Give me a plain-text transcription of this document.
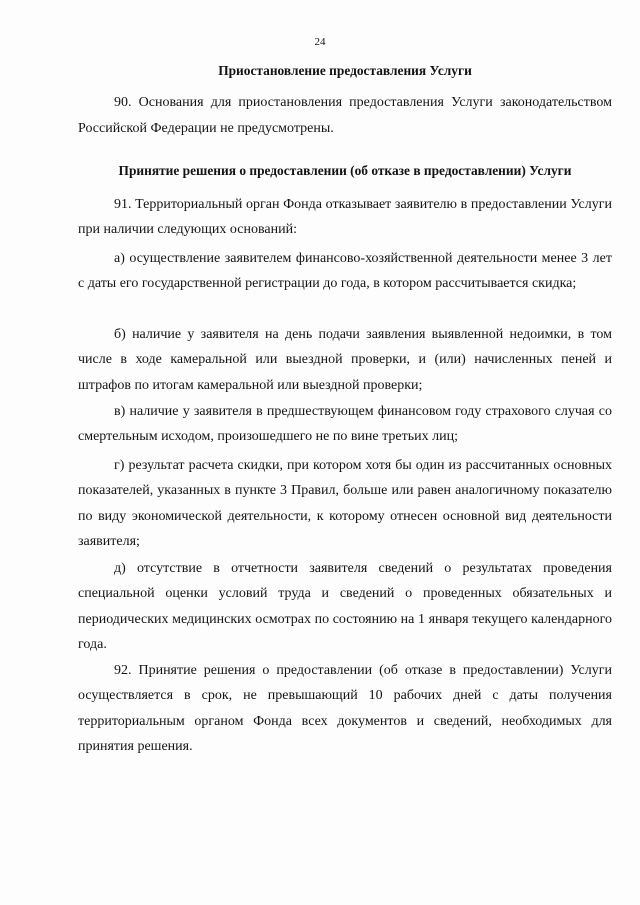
24
Приостановление предоставления Услуги
90. Основания для приостановления предоставления Услуги законодательством Российской Федерации не предусмотрены.
Принятие решения о предоставлении (об отказе в предоставлении) Услуги
91. Территориальный орган Фонда отказывает заявителю в предоставлении Услуги при наличии следующих оснований:
а) осуществление заявителем финансово-хозяйственной деятельности менее 3 лет с даты его государственной регистрации до года, в котором рассчитывается скидка;
б) наличие у заявителя на день подачи заявления выявленной недоимки, в том числе в ходе камеральной или выездной проверки, и (или) начисленных пеней и штрафов по итогам камеральной или выездной проверки;
в) наличие у заявителя в предшествующем финансовом году страхового случая со смертельным исходом, произошедшего не по вине третьих лиц;
г) результат расчета скидки, при котором хотя бы один из рассчитанных основных показателей, указанных в пункте 3 Правил, больше или равен аналогичному показателю по виду экономической деятельности, к которому отнесен основной вид деятельности заявителя;
д) отсутствие в отчетности заявителя сведений о результатах проведения специальной оценки условий труда и сведений о проведенных обязательных и периодических медицинских осмотрах по состоянию на 1 января текущего календарного года.
92. Принятие решения о предоставлении (об отказе в предоставлении) Услуги осуществляется в срок, не превышающий 10 рабочих дней с даты получения территориальным органом Фонда всех документов и сведений, необходимых для принятия решения.
